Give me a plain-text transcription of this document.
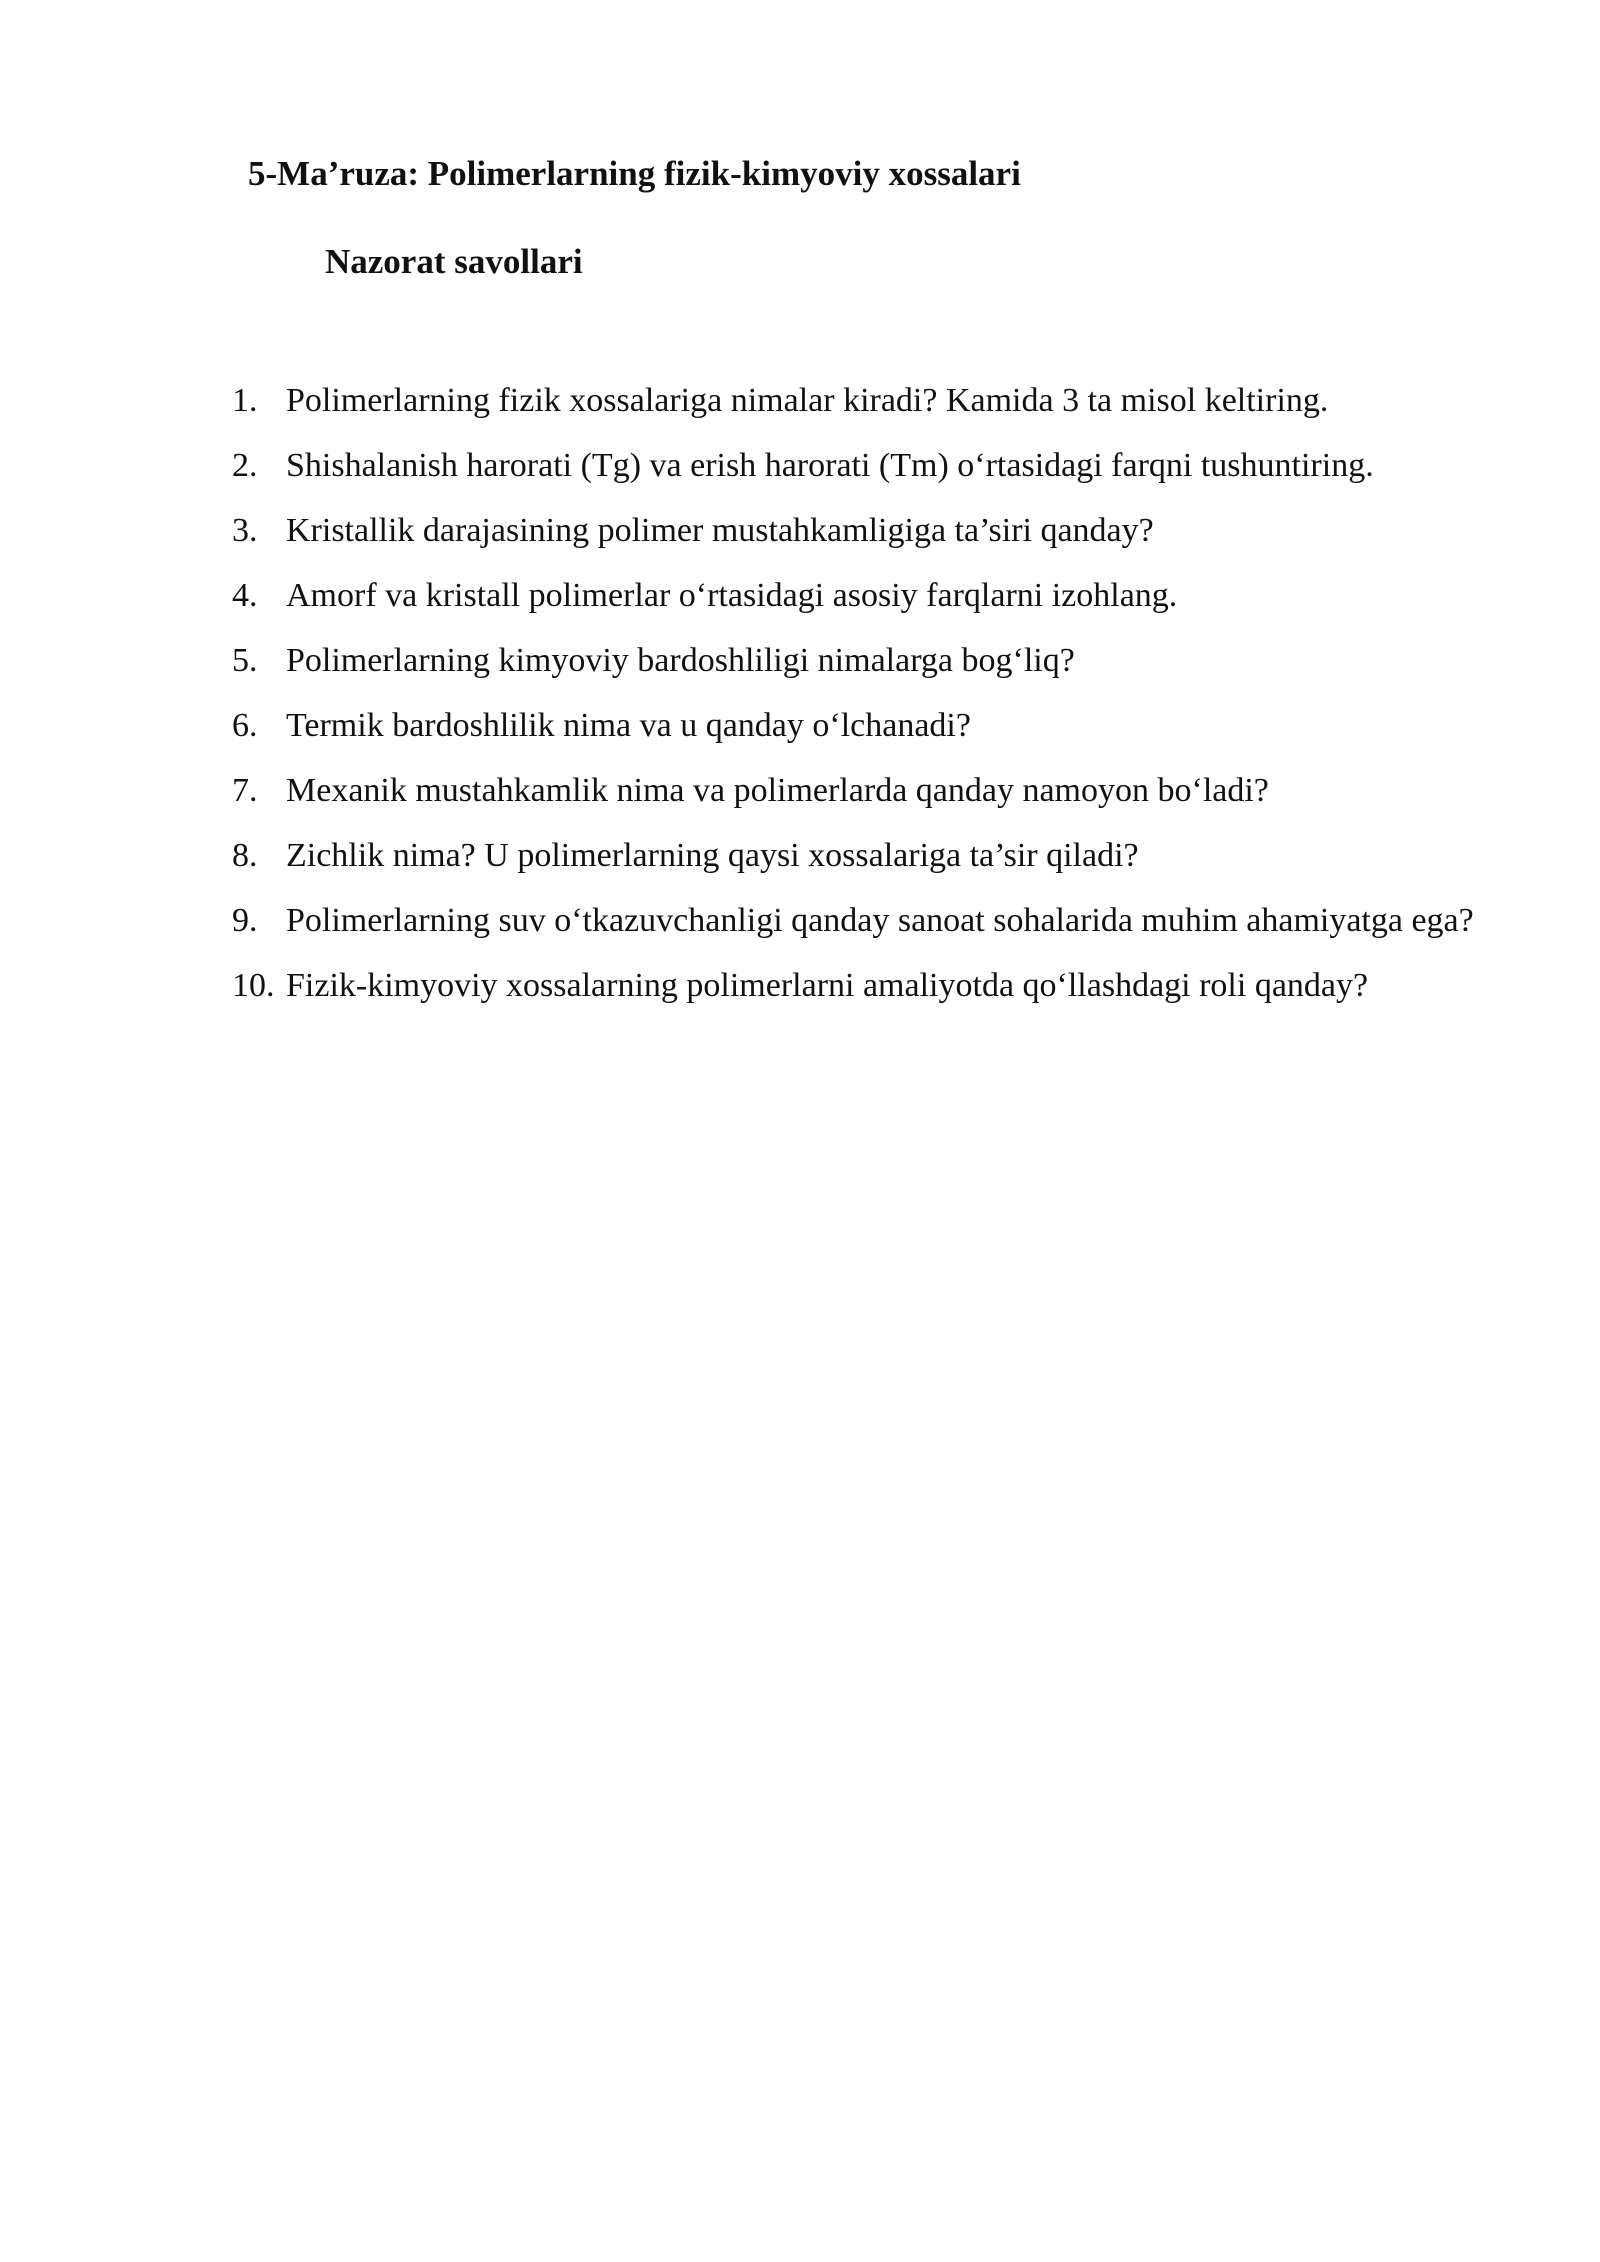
5-Ma’ruza: Polimerlarning fizik-kimyoviy xossalari
Nazorat savollari
1. Polimerlarning fizik xossalariga nimalar kiradi? Kamida 3 ta misol keltiring.
2. Shishalanish harorati (Tg) va erish harorati (Tm) o‘rtasidagi farqni tushuntiring.
3. Kristallik darajasining polimer mustahkamligiga ta’siri qanday?
4. Amorf va kristall polimerlar o‘rtasidagi asosiy farqlarni izohlang.
5. Polimerlarning kimyoviy bardoshliligi nimalarga bog‘liq?
6. Termik bardoshlilik nima va u qanday o‘lchanadi?
7. Mexanik mustahkamlik nima va polimerlarda qanday namoyon bo‘ladi?
8. Zichlik nima? U polimerlarning qaysi xossalariga ta’sir qiladi?
9. Polimerlarning suv o‘tkazuvchanligi qanday sanoat sohalarida muhim ahamiyatga ega?
10. Fizik-kimyoviy xossalarning polimerlarni amaliyotda qo‘llashdagi roli qanday?
